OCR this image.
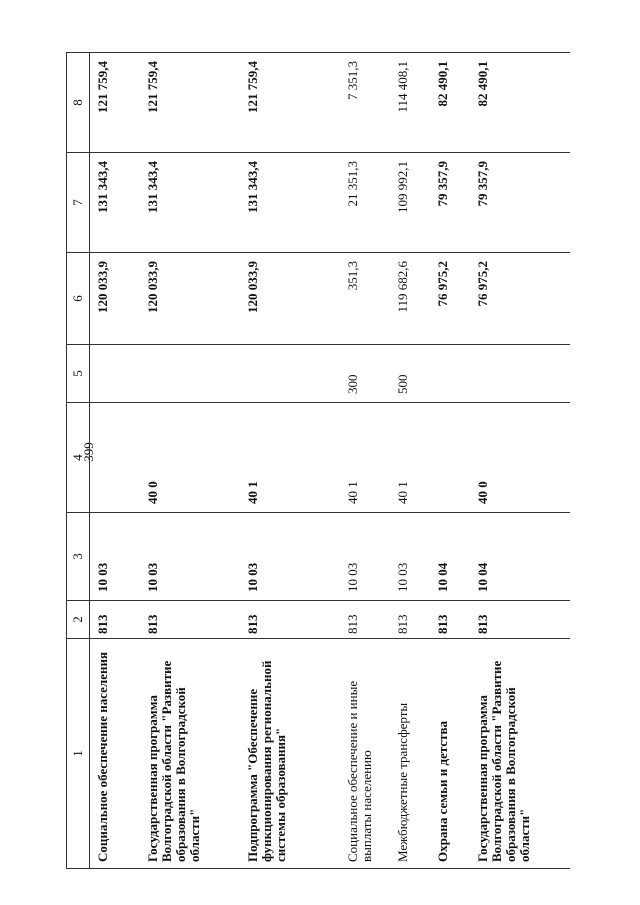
399
1	2	3	4	5	6	7	8
Социальное обеспечение населения	813	10 03			120 033,9	131 343,4	121 759,4
Государственная программа Волгоградской области "Развитие образования в Волгоградской области"	813	10 03	40 0		120 033,9	131 343,4	121 759,4
Подпрограмма "Обеспечение функционирования региональной системы образования"	813	10 03	40 1		120 033,9	131 343,4	121 759,4
Социальное обеспечение и иные выплаты населению	813	10 03	40 1	300	351,3	21 351,3	7 351,3
Межбюджетные трансферты	813	10 03	40 1	500	119 682,6	109 992,1	114 408,1
Охрана семьи и детства	813	10 04			76 975,2	79 357,9	82 490,1
Государственная программа Волгоградской области "Развитие образования в Волгоградской области"	813	10 04	40 0		76 975,2	79 357,9	82 490,1
